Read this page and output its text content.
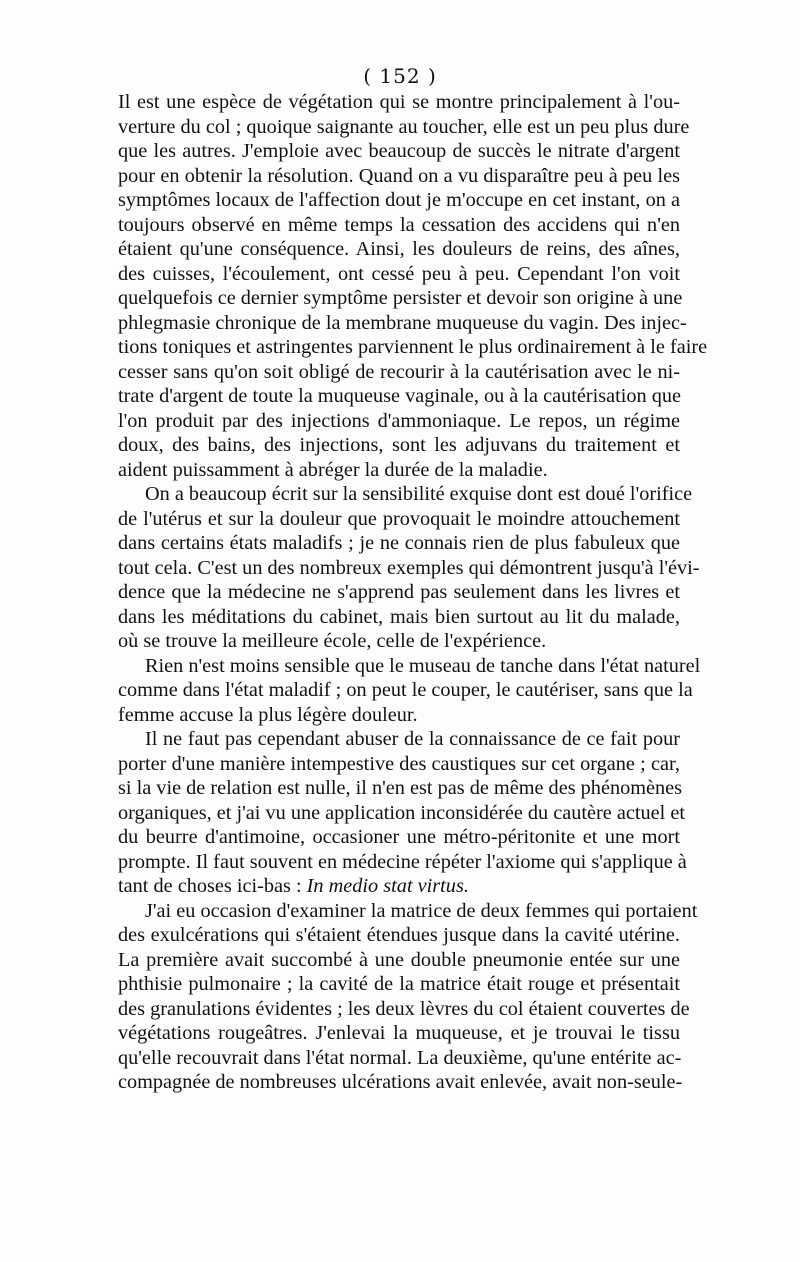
( 152 )
Il est une espèce de végétation qui se montre principalement à l'ou-
verture du col ; quoique saignante au toucher, elle est un peu plus dure
que les autres. J'emploie avec beaucoup de succès le nitrate d'argent
pour en obtenir la résolution. Quand on a vu disparaître peu à peu les
symptômes locaux de l'affection dout je m'occupe en cet instant, on a
toujours observé en même temps la cessation des accidens qui n'en
étaient qu'une conséquence. Ainsi, les douleurs de reins, des aînes,
des cuisses, l'écoulement, ont cessé peu à peu. Cependant l'on voit
quelquefois ce dernier symptôme persister et devoir son origine à une
phlegmasie chronique de la membrane muqueuse du vagin. Des injec-
tions toniques et astringentes parviennent le plus ordinairement à le faire
cesser sans qu'on soit obligé de recourir à la cautérisation avec le ni-
trate d'argent de toute la muqueuse vaginale, ou à la cautérisation que
l'on produit par des injections d'ammoniaque. Le repos, un régime
doux, des bains, des injections, sont les adjuvans du traitement et
aident puissamment à abréger la durée de la maladie.
On a beaucoup écrit sur la sensibilité exquise dont est doué l'orifice
de l'utérus et sur la douleur que provoquait le moindre attouchement
dans certains états maladifs ; je ne connais rien de plus fabuleux que
tout cela. C'est un des nombreux exemples qui démontrent jusqu'à l'évi-
dence que la médecine ne s'apprend pas seulement dans les livres et
dans les méditations du cabinet, mais bien surtout au lit du malade,
où se trouve la meilleure école, celle de l'expérience.
Rien n'est moins sensible que le museau de tanche dans l'état naturel
comme dans l'état maladif ; on peut le couper, le cautériser, sans que la
femme accuse la plus légère douleur.
Il ne faut pas cependant abuser de la connaissance de ce fait pour
porter d'une manière intempestive des caustiques sur cet organe ; car,
si la vie de relation est nulle, il n'en est pas de même des phénomènes
organiques, et j'ai vu une application inconsidérée du cautère actuel et
du beurre d'antimoine, occasioner une métro-péritonite et une mort
prompte. Il faut souvent en médecine répéter l'axiome qui s'applique à
tant de choses ici-bas : In medio stat virtus.
J'ai eu occasion d'examiner la matrice de deux femmes qui portaient
des exulcérations qui s'étaient étendues jusque dans la cavité utérine.
La première avait succombé à une double pneumonie entée sur une
phthisie pulmonaire ; la cavité de la matrice était rouge et présentait
des granulations évidentes ; les deux lèvres du col étaient couvertes de
végétations rougeâtres. J'enlevai la muqueuse, et je trouvai le tissu
qu'elle recouvrait dans l'état normal. La deuxième, qu'une entérite ac-
compagnée de nombreuses ulcérations avait enlevée, avait non-seule-
